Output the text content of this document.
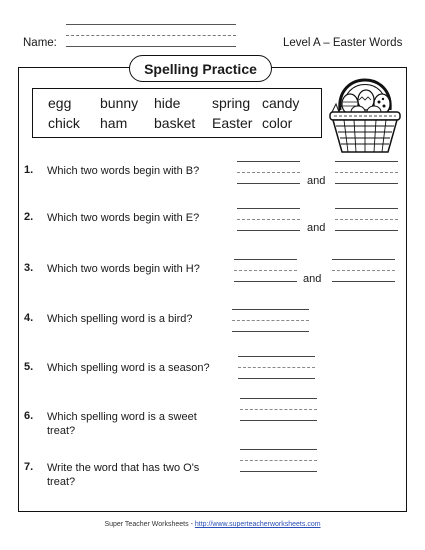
Name:	Level A – Easter Words
Spelling Practice
egg bunny hide spring candy
chick ham basket Easter color
1. Which two words begin with B?
and
2. Which two words begin with E?
and
3. Which two words begin with H?
and
4. Which spelling word is a bird?
5. Which spelling word is a season?
6. Which spelling word is a sweet
treat?
7. Write the word that has two O's
treat?
Super Teacher Worksheets - http://www.superteacherworksheets.com
